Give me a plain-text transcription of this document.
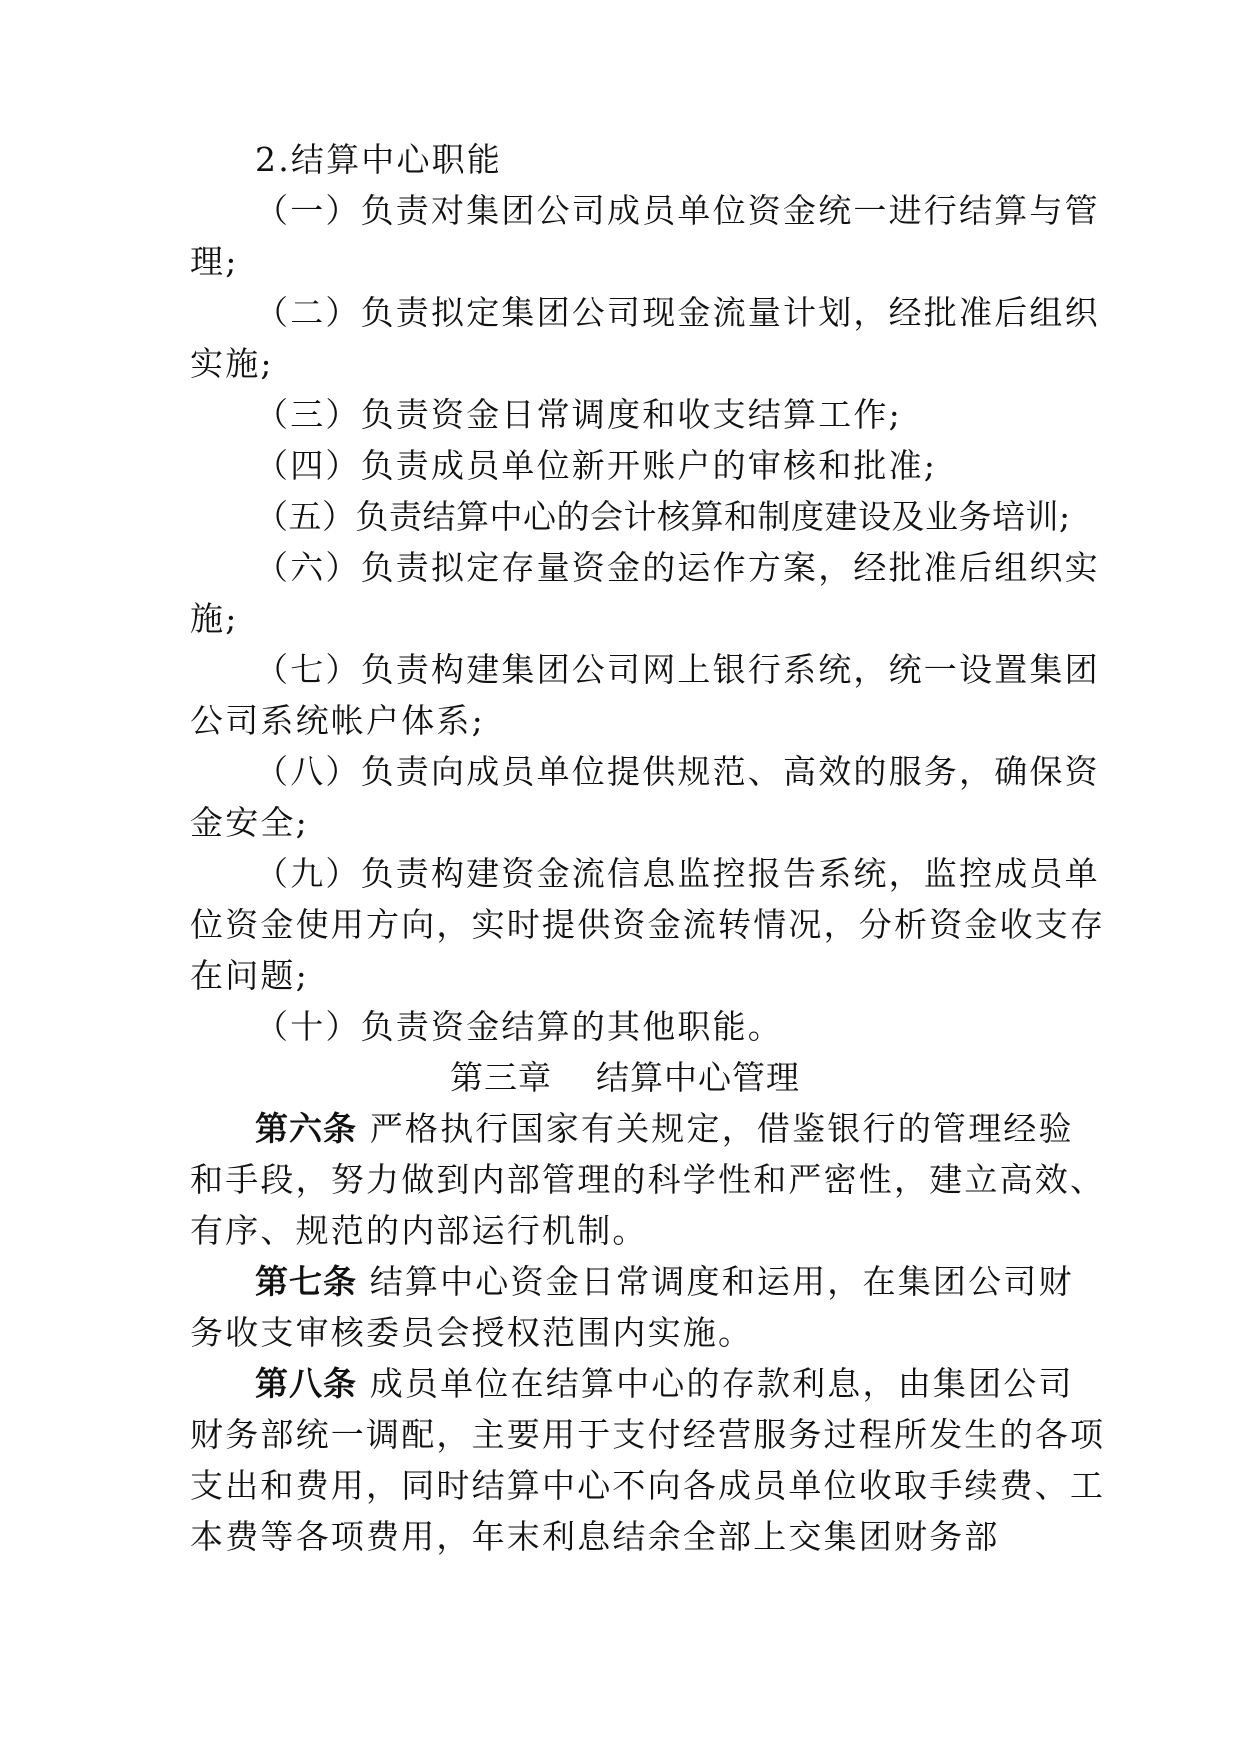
2.结算中心职能
（一）负责对集团公司成员单位资金统一进行结算与管
理;
（二）负责拟定集团公司现金流量计划，经批准后组织
实施;
（三）负责资金日常调度和收支结算工作;
（四）负责成员单位新开账户的审核和批准;
（五）负责结算中心的会计核算和制度建设及业务培训;
（六）负责拟定存量资金的运作方案，经批准后组织实
施;
（七）负责构建集团公司网上银行系统，统一设置集团
公司系统帐户体系;
（八）负责向成员单位提供规范、高效的服务，确保资
金安全;
（九）负责构建资金流信息监控报告系统，监控成员单
位资金使用方向，实时提供资金流转情况，分析资金收支存
在问题;
（十）负责资金结算的其他职能。
第三章 结算中心管理
第六条 严格执行国家有关规定，借鉴银行的管理经验
和手段，努力做到内部管理的科学性和严密性，建立高效、
有序、规范的内部运行机制。
第七条 结算中心资金日常调度和运用，在集团公司财
务收支审核委员会授权范围内实施。
第八条 成员单位在结算中心的存款利息，由集团公司
财务部统一调配，主要用于支付经营服务过程所发生的各项
支出和费用，同时结算中心不向各成员单位收取手续费、工
本费等各项费用，年末利息结余全部上交集团财务部
